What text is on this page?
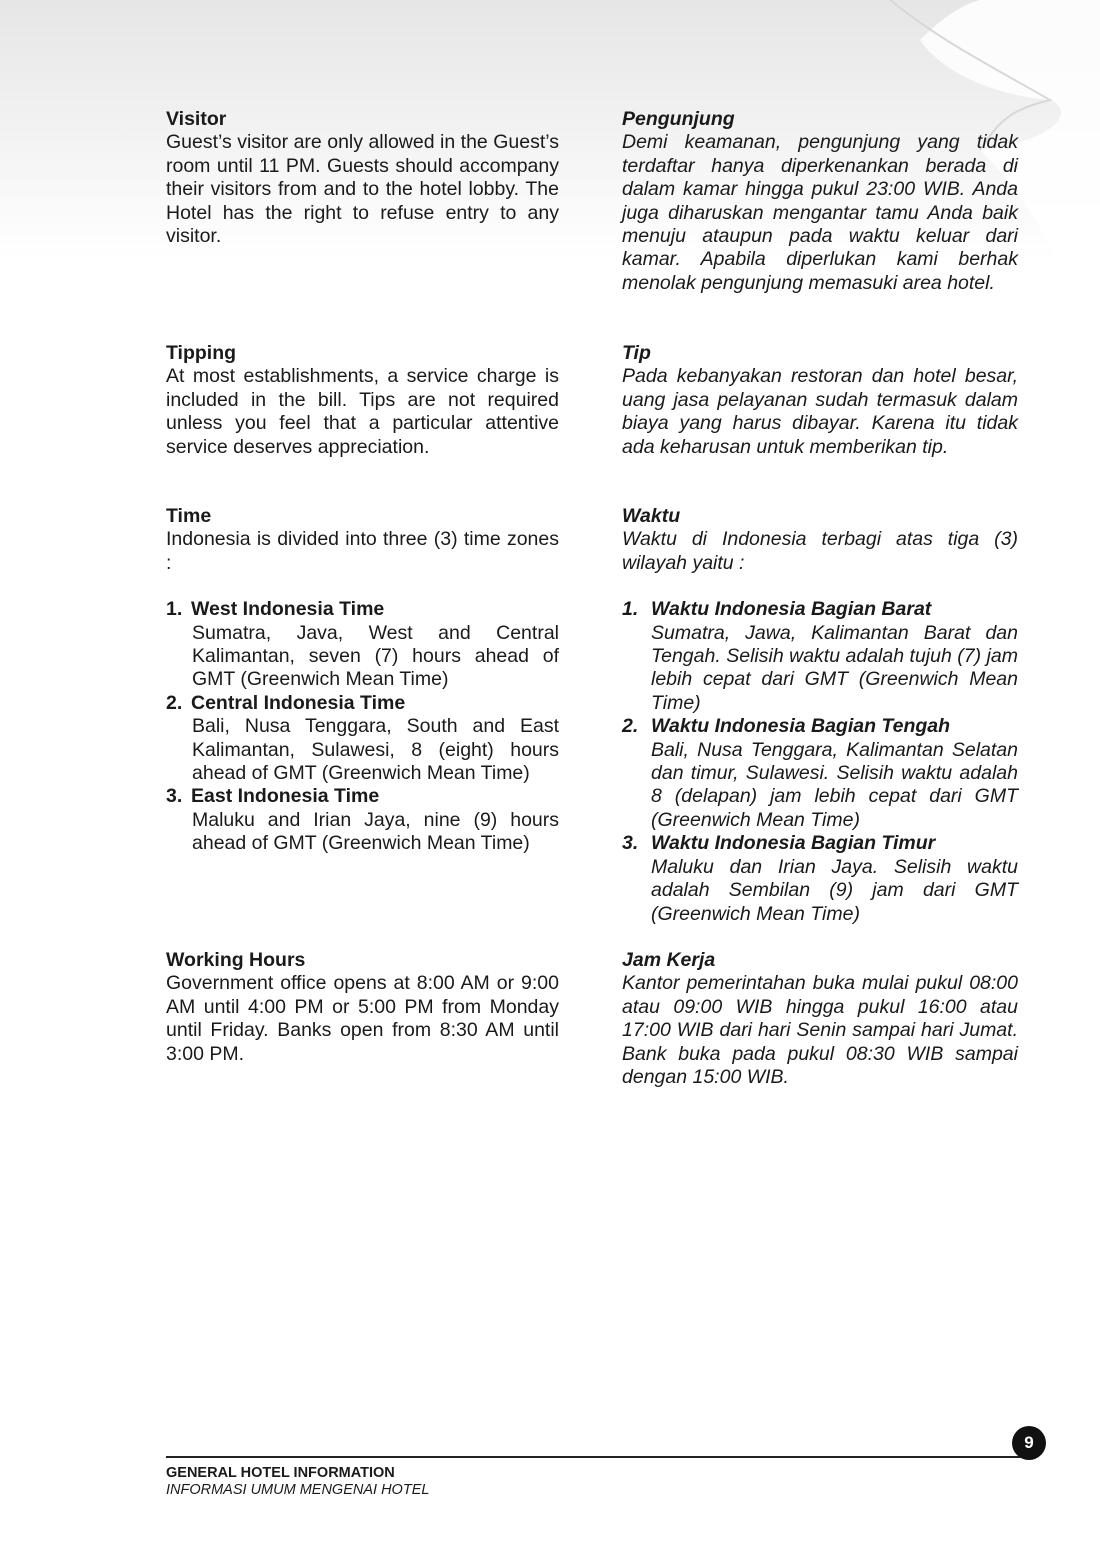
Visitor

Guest’s visitor are only allowed in the Guest’s room until 11 PM. Guests should accompany their visitors from and to the hotel lobby. The Hotel has the right to refuse entry to any visitor.

Tipping

At most establishments, a service charge is included in the bill. Tips are not required unless you feel that a particular attentive service deserves appreciation.

Time

Indonesia is divided into three (3) time zones :

1. West Indonesia Time

Sumatra, Java, West and Central Kalimantan, seven (7) hours ahead of GMT (Greenwich Mean Time)

2. Central Indonesia Time

Bali, Nusa Tenggara, South and East Kalimantan, Sulawesi, 8 (eight) hours ahead of GMT (Greenwich Mean Time)

3. East Indonesia Time

Maluku and Irian Jaya, nine (9) hours ahead of GMT (Greenwich Mean Time)

Working Hours

Government office opens at 8:00 AM or 9:00 AM until 4:00 PM or 5:00 PM from Monday until Friday. Banks open from 8:30 AM until 3:00 PM.

Pengunjung

Demi keamanan, pengunjung yang tidak terdaftar hanya diperkenankan berada di dalam kamar hingga pukul 23:00 WIB. Anda juga diharuskan mengantar tamu Anda baik menuju ataupun pada waktu keluar dari kamar. Apabila diperlukan kami berhak menolak pengunjung memasuki area hotel.

Tip

Pada kebanyakan restoran dan hotel besar, uang jasa pelayanan sudah termasuk dalam biaya yang harus dibayar. Karena itu tidak ada keharusan untuk memberikan tip.

Waktu

Waktu di Indonesia terbagi atas tiga (3) wilayah yaitu :

1. Waktu Indonesia Bagian Barat

Sumatra, Jawa, Kalimantan Barat dan Tengah. Selisih waktu adalah tujuh (7) jam lebih cepat dari GMT (Greenwich Mean Time)

2. Waktu Indonesia Bagian Tengah

Bali, Nusa Tenggara, Kalimantan Selatan dan timur, Sulawesi. Selisih waktu adalah 8 (delapan) jam lebih cepat dari GMT (Greenwich Mean Time)

3. Waktu Indonesia Bagian Timur

Maluku dan Irian Jaya. Selisih waktu adalah Sembilan (9) jam dari GMT (Greenwich Mean Time)

Jam Kerja

Kantor pemerintahan buka mulai pukul 08:00 atau 09:00 WIB hingga pukul 16:00 atau 17:00 WIB dari hari Senin sampai hari Jumat. Bank buka pada pukul 08:30 WIB sampai dengan 15:00 WIB.

9

GENERAL HOTEL INFORMATION

INFORMASI UMUM MENGENAI HOTEL
